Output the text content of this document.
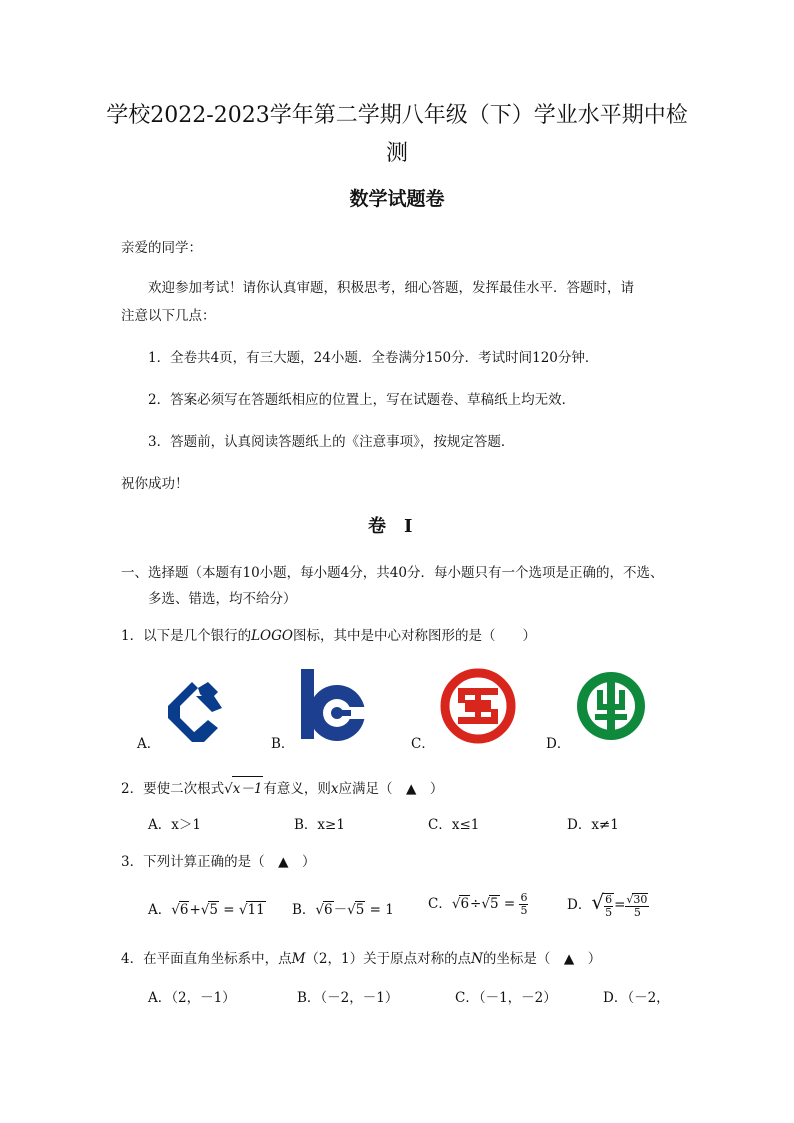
学校2022-2023学年第二学期八年级（下）学业水平期中检
测
数学试题卷
亲爱的同学：
欢迎参加考试！请你认真审题，积极思考，细心答题，发挥最佳水平．答题时，请
注意以下几点：
1．全卷共4页，有三大题，24小题．全卷满分150分．考试时间120分钟．
2．答案必须写在答题纸相应的位置上，写在试题卷、草稿纸上均无效．
3．答题前，认真阅读答题纸上的《注意事项》，按规定答题．
祝你成功！
卷　Ⅰ
一、选择题（本题有10小题，每小题4分，共40分．每小题只有一个选项是正确的，不选、
多选、错选，均不给分）
1．以下是几个银行的LOGO图标，其中是中心对称图形的是（　　）
A．	B．	C．	D．
2．要使二次根式√x－1有意义，则x应满足（　▲　）
A．x＞1	B．x≥1	C．x≤1	D．x≠1
3．下列计算正确的是（　▲　）
A．√6+√5 = √11 B．√6－√5 = 1	C．$√6\div√5 = \frac{6}{5}$	D．√ $\frac{6}{5} = \frac{√30}{5}$
4．在平面直角坐标系中，点M（2，1）关于原点对称的点N的坐标是（　▲　）
A．（2，－1）	B．（－2，－1）	C．（－1，－2）	D．（－2，
